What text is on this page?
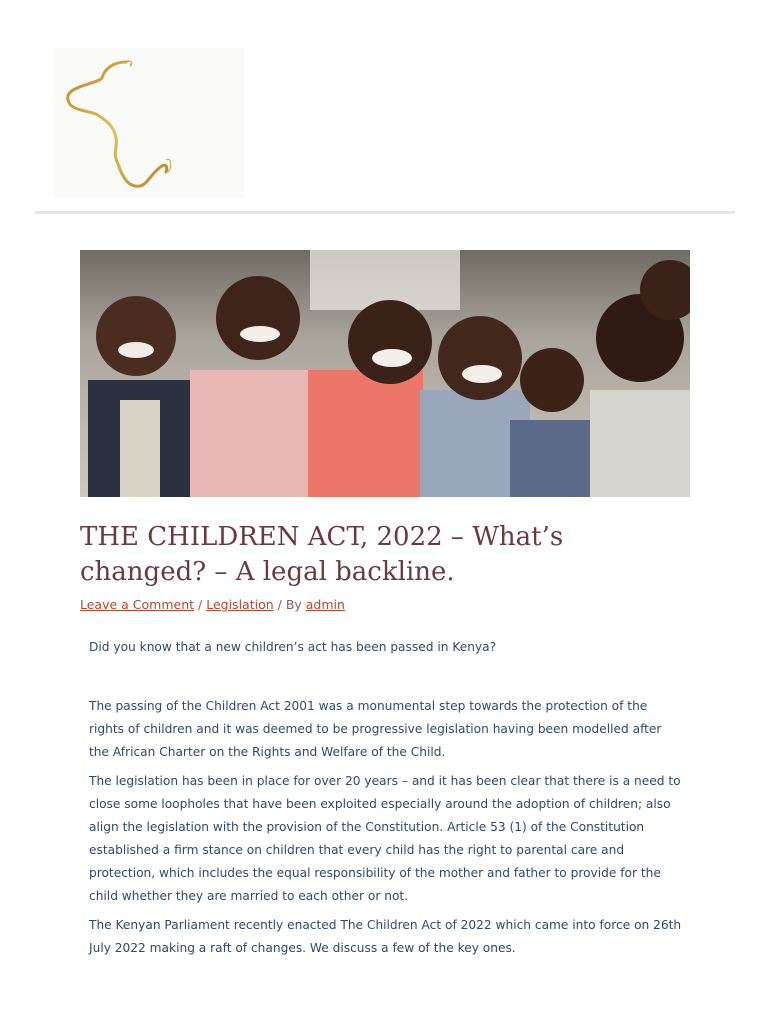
THE CHILDREN ACT, 2022 – What’s changed? – A legal backline.
Leave a Comment / Legislation / By admin

Did you know that a new children’s act has been passed in Kenya?

The passing of the Children Act 2001 was a monumental step towards the protection of the rights of children and it was deemed to be progressive legislation having been modelled after the African Charter on the Rights and Welfare of the Child.

The legislation has been in place for over 20 years – and it has been clear that there is a need to close some loopholes that have been exploited especially around the adoption of children; also align the legislation with the provision of the Constitution. Article 53 (1) of the Constitution established a firm stance on children that every child has the right to parental care and protection, which includes the equal responsibility of the mother and father to provide for the child whether they are married to each other or not.

The Kenyan Parliament recently enacted The Children Act of 2022 which came into force on 26th July 2022 making a raft of changes. We discuss a few of the key ones.
